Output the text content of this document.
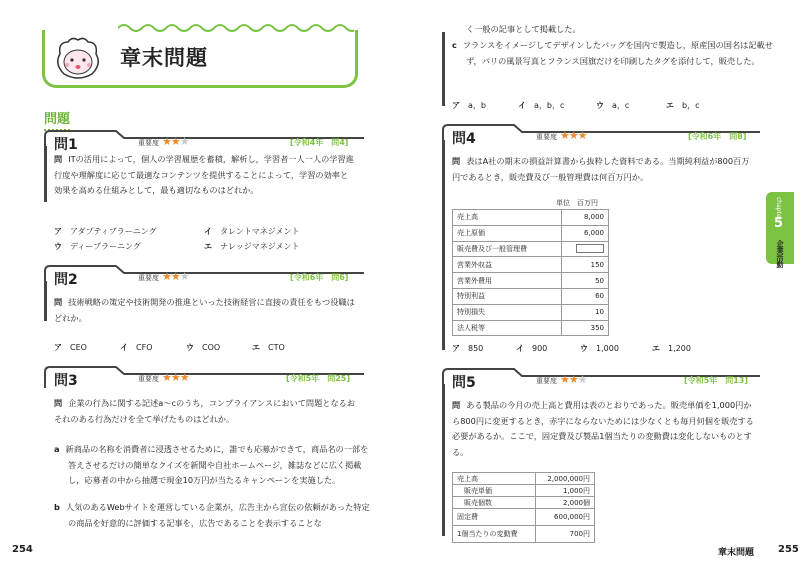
章末問題
問題
問1	重要度 ★★★	[令和4年　問4]
問 ITの活用によって，個人の学習履歴を蓄積，解析し，学習者一人一人の学習進行度や理解度に応じて最適なコンテンツを提供することによって，学習の効率と効果を高める仕組みとして，最も適切なものはどれか。
ア アダプティブラーニング	イ タレントマネジメント
ウ ディープラーニング	エ ナレッジマネジメント
問2	重要度 ★★★	[令和6年　問6]
問 技術戦略の策定や技術開発の推進といった技術経営に直接の責任をもつ役職はどれか。
ア CEO	イ CFO	ウ COO	エ CTO
問3	重要度 ★★★	[令和5年　問25]
問 企業の行為に関する記述a～cのうち，コンプライアンスにおいて問題となるおそれのある行為だけを全て挙げたものはどれか。
a 新商品の名称を消費者に浸透させるために，誰でも応募ができて，商品名の一部を答えさせるだけの簡単なクイズを新聞や自社ホームページ，雑誌などに広く掲載し，応募者の中から抽選で現金10万円が当たるキャンペーンを実施した。
b 人気のあるWebサイトを運営している企業が，広告主から宣伝の依頼があった特定の商品を好意的に評価する記事を，広告であることを表示することな
254
く一般の記事として掲載した。
c フランスをイメージしてデザインしたバッグを国内で製造し，原産国の国名は記載せず，パリの風景写真とフランス国旗だけを印刷したタグを添付して，販売した。
ア a，b	イ a，b，c	ウ a，c	エ b，c
問4	重要度 ★★★	[令和6年　問8]
問 表はA社の期末の損益計算書から抜粋した資料である。当期純利益が800百万円であるとき，販売費及び一般管理費は何百万円か。
単位　百万円
売上高	8,000
売上原価	6,000
販売費及び一般管理費	
営業外収益	150
営業外費用	50
特別利益	60
特別損失	10
法人税等	350
ア 850	イ 900	ウ 1,000	エ 1,200
問5	重要度 ★★★	[令和5年　問13]
問 ある製品の今月の売上高と費用は表のとおりであった。販売単価を1,000円から800円に変更するとき，赤字にならないためには少なくとも毎月何個を販売する必要があるか。ここで，固定費及び製品1個当たりの変動費は変化しないものとする。
売上高	2,000,000円
　販売単価	1,000円
　販売個数	2,000個
固定費	600,000円
1個当たりの変動費	700円
255
chapter
5
企業活動
章末問題
